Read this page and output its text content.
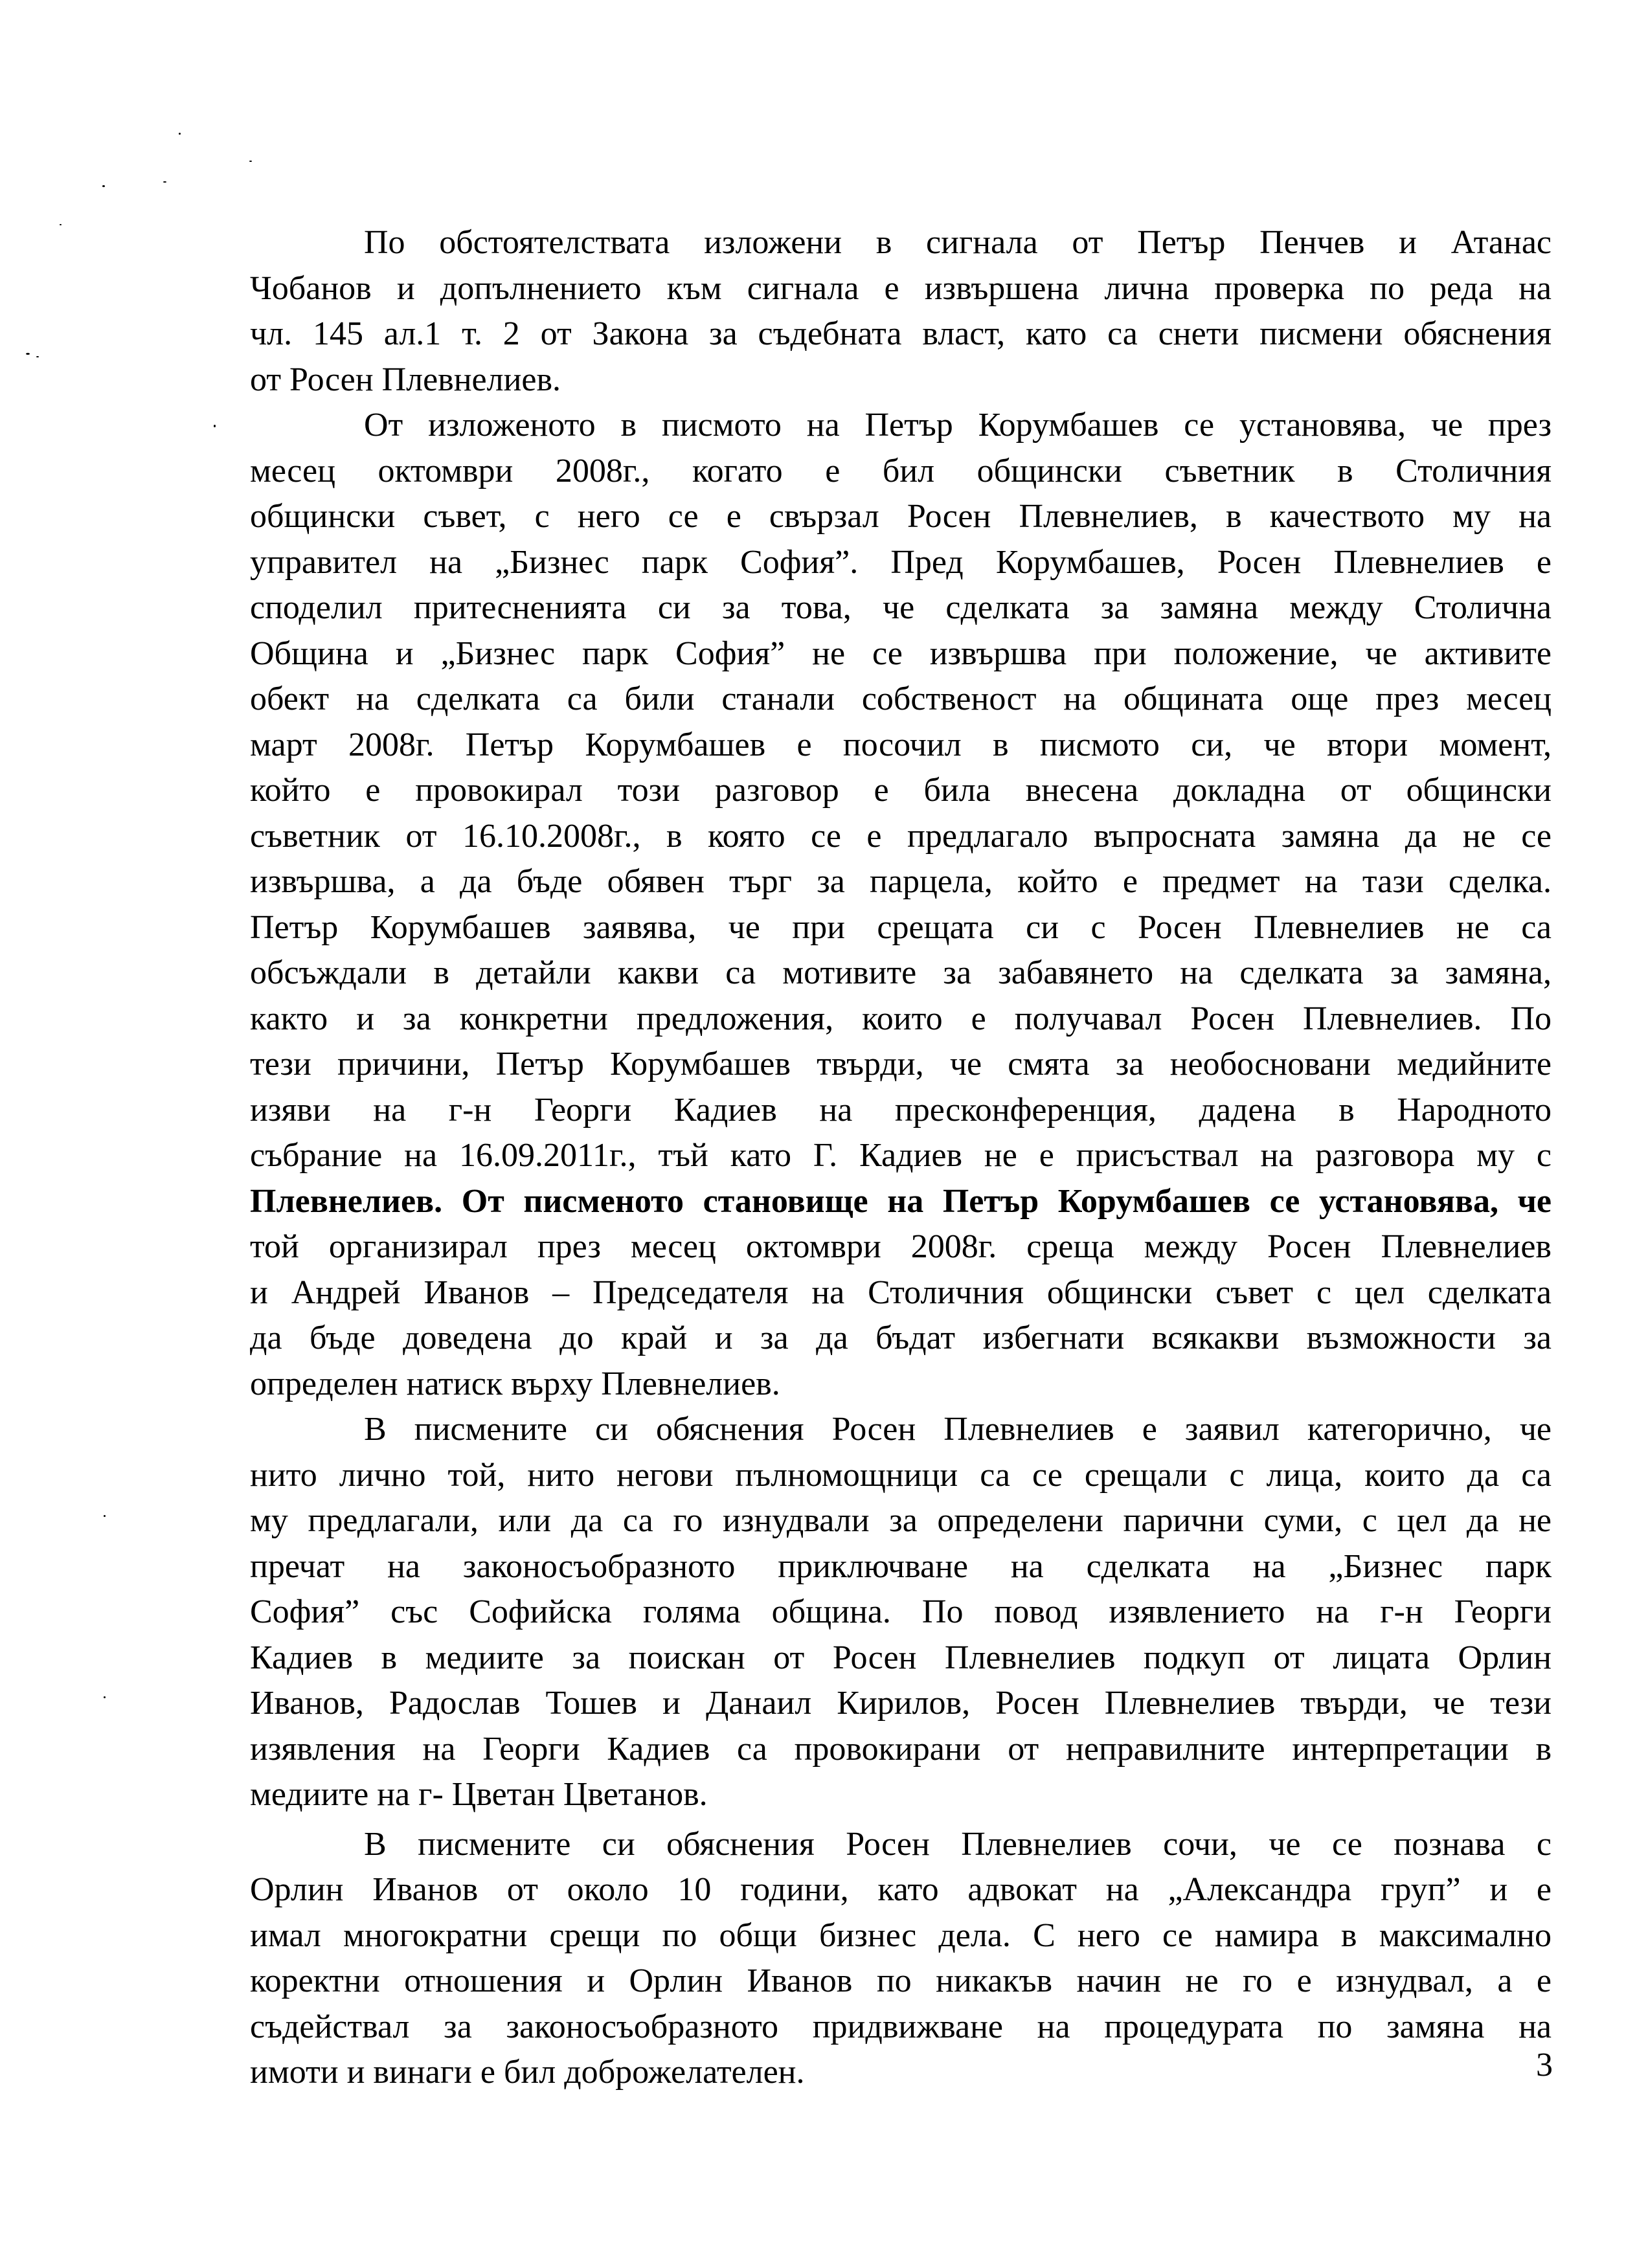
По обстоятелствата изложени в сигнала от Петър Пенчев и Атанас
Чобанов и допълнението към сигнала е извършена лична проверка по реда на
чл. 145 ал.1 т. 2 от Закона за съдебната власт, като са снети писмени обяснения
от Росен Плевнелиев.
От изложеното в писмото на Петър Корумбашев се установява, че през
месец октомври 2008г., когато е бил общински съветник в Столичния
общински съвет, с него се е свързал Росен Плевнелиев, в качеството му на
управител на „Бизнес парк София”. Пред Корумбашев, Росен Плевнелиев е
споделил притесненията си за това, че сделката за замяна между Столична
Община и „Бизнес парк София” не се извършва при положение, че активите
обект на сделката са били станали собственост на общината още през месец
март 2008г. Петър Корумбашев е посочил в писмото си, че втори момент,
който е провокирал този разговор е била внесена докладна от общински
съветник от 16.10.2008г., в която се е предлагало въпросната замяна да не се
извършва, а да бъде обявен търг за парцела, който е предмет на тази сделка.
Петър Корумбашев заявява, че при срещата си с Росен Плевнелиев не са
обсъждали в детайли какви са мотивите за забавянето на сделката за замяна,
както и за конкретни предложения, които е получавал Росен Плевнелиев. По
тези причини, Петър Корумбашев твърди, че смята за необосновани медийните
изяви на г-н Георги Кадиев на пресконференция, дадена в Народното
събрание на 16.09.2011г., тъй като Г. Кадиев не е присъствал на разговора му с
Плевнелиев. От писменото становище на Петър Корумбашев се установява, че
той организирал през месец октомври 2008г. среща между Росен Плевнелиев
и Андрей Иванов – Председателя на Столичния общински съвет с цел сделката
да бъде доведена до край и за да бъдат избегнати всякакви възможности за
определен натиск върху Плевнелиев.
В писмените си обяснения Росен Плевнелиев е заявил категорично, че
нито лично той, нито негови пълномощници са се срещали с лица, които да са
му предлагали, или да са го изнудвали за определени парични суми, с цел да не
пречат на законосъобразното приключване на сделката на „Бизнес парк
София” със Софийска голяма община. По повод изявлението на г-н Георги
Кадиев в медиите за поискан от Росен Плевнелиев подкуп от лицата Орлин
Иванов, Радослав Тошев и Данаил Кирилов, Росен Плевнелиев твърди, че тези
изявления на Георги Кадиев са провокирани от неправилните интерпретации в
медиите на г- Цветан Цветанов.
В писмените си обяснения Росен Плевнелиев сочи, че се познава с
Орлин Иванов от около 10 години, като адвокат на „Александра груп” и е
имал многократни срещи по общи бизнес дела. С него се намира в максимално
коректни отношения и Орлин Иванов по никакъв начин не го е изнудвал, а е
съдействал за законосъобразното придвижване на процедурата по замяна на
имоти и винаги е бил доброжелателен.	3
